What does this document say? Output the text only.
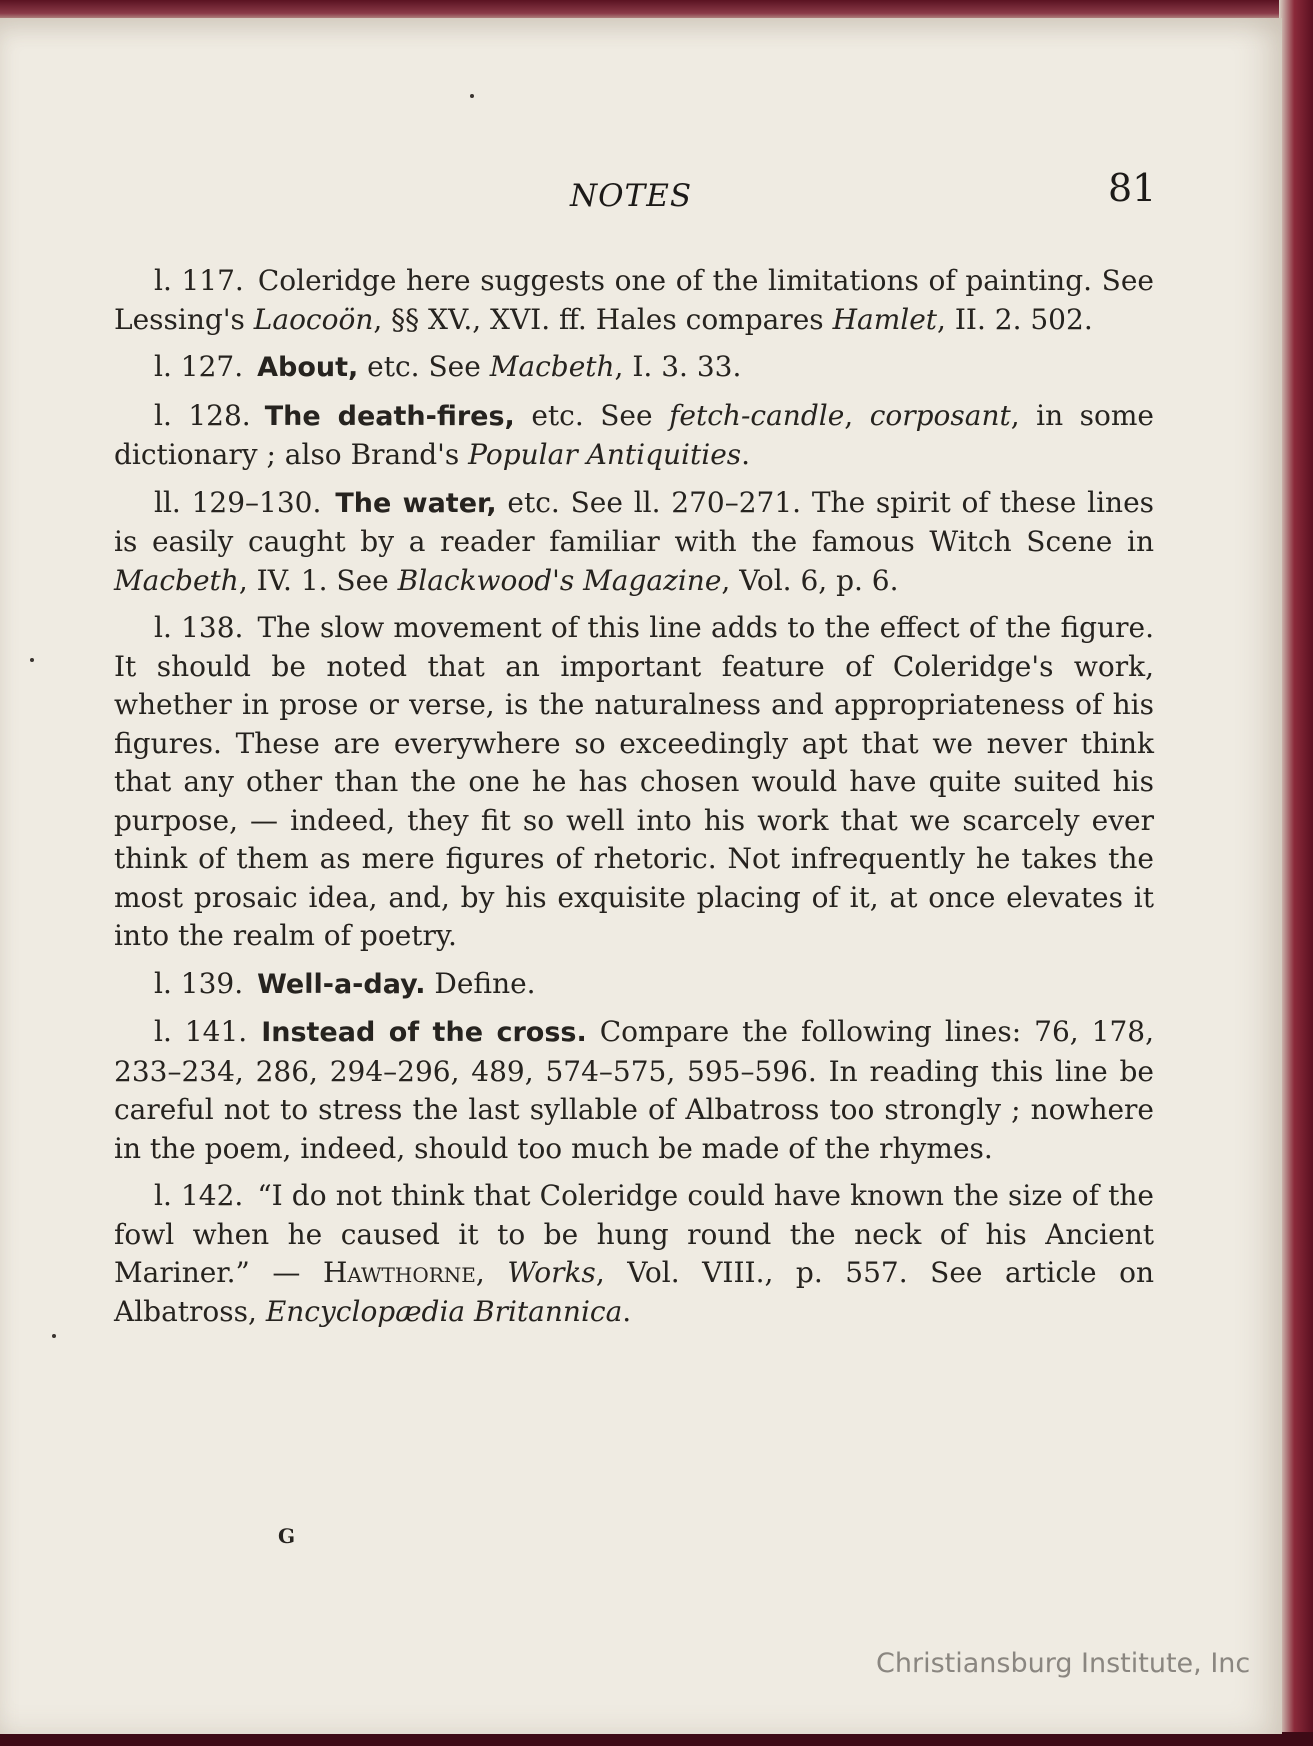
NOTES	81

l. 117. Coleridge here suggests one of the limitations of painting. See Lessing's Laocoön, §§ XV., XVI. ff. Hales compares Hamlet, II. 2. 502.

l. 127. About, etc. See Macbeth, I. 3. 33.

l. 128. The death-fires, etc. See fetch-candle, corposant, in some dictionary ; also Brand's Popular Antiquities.

ll. 129–130. The water, etc. See ll. 270–271. The spirit of these lines is easily caught by a reader familiar with the famous Witch Scene in Macbeth, IV. 1. See Blackwood's Magazine, Vol. 6, p. 6.

l. 138. The slow movement of this line adds to the effect of the figure. It should be noted that an important feature of Coleridge's work, whether in prose or verse, is the naturalness and appropriateness of his figures. These are everywhere so exceedingly apt that we never think that any other than the one he has chosen would have quite suited his purpose, — indeed, they fit so well into his work that we scarcely ever think of them as mere figures of rhetoric. Not infrequently he takes the most prosaic idea, and, by his exquisite placing of it, at once elevates it into the realm of poetry.

l. 139. Well-a-day. Define.

l. 141. Instead of the cross. Compare the following lines: 76, 178, 233–234, 286, 294–296, 489, 574–575, 595–596. In reading this line be careful not to stress the last syllable of Albatross too strongly ; nowhere in the poem, indeed, should too much be made of the rhymes.

l. 142. “I do not think that Coleridge could have known the size of the fowl when he caused it to be hung round the neck of his Ancient Mariner.” — Hawthorne, Works, Vol. VIII., p. 557. See article on Albatross, Encyclopædia Britannica.

G
Christiansburg Institute, Inc
